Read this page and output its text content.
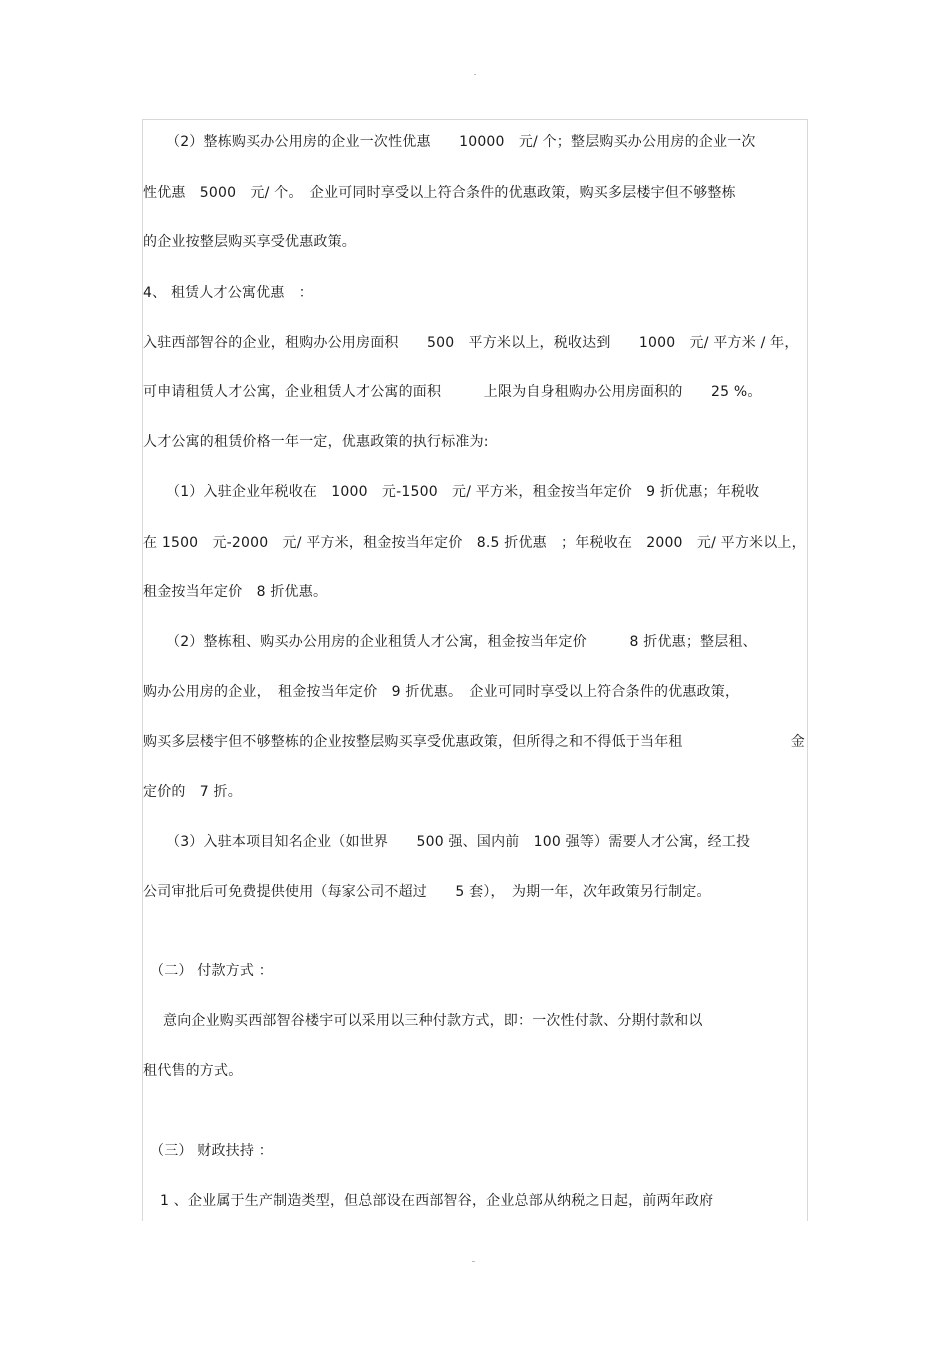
（2）整栋购买办公用房的企业一次性优惠　　10000　元/ 个；整层购买办公用房的企业一次
性优惠　5000　元/ 个。　企业可同时享受以上符合条件的优惠政策，购买多层楼宇但不够整栋
的企业按整层购买享受优惠政策。
4、 租赁人才公寓优惠　：
入驻西部智谷的企业，租购办公用房面积　　500　平方米以上，税收达到　　1000　元/ 平方米 / 年，
可申请租赁人才公寓，企业租赁人才公寓的面积　　　上限为自身租购办公用房面积的　　25 %。
人才公寓的租赁价格一年一定，优惠政策的执行标准为:
（1）入驻企业年税收在　1000　元-1500　元/ 平方米，租金按当年定价　9 折优惠；年税收
在 1500　元-2000　元/ 平方米，租金按当年定价　8.5 折优惠　；年税收在　2000　元/ 平方米以上，
租金按当年定价　8 折优惠。
（2）整栋租、购买办公用房的企业租赁人才公寓，租金按当年定价　　　8 折优惠；整层租、
购办公用房的企业，　租金按当年定价　9 折优惠。　企业可同时享受以上符合条件的优惠政策，
购买多层楼宇但不够整栋的企业按整层购买享受优惠政策，但所得之和不得低于当年租	金
定价的　7 折。
（3）入驻本项目知名企业（如世界　　500 强、国内前　100 强等）需要人才公寓，经工投
公司审批后可免费提供使用（每家公司不超过　　5 套），　为期一年，次年政策另行制定。
（二） 付款方式 ：
意向企业购买西部智谷楼宇可以采用以三种付款方式，即：一次性付款、分期付款和以
租代售的方式。
（三） 财政扶持 ：
1 、企业属于生产制造类型，但总部设在西部智谷，企业总部从纳税之日起，前两年政府
